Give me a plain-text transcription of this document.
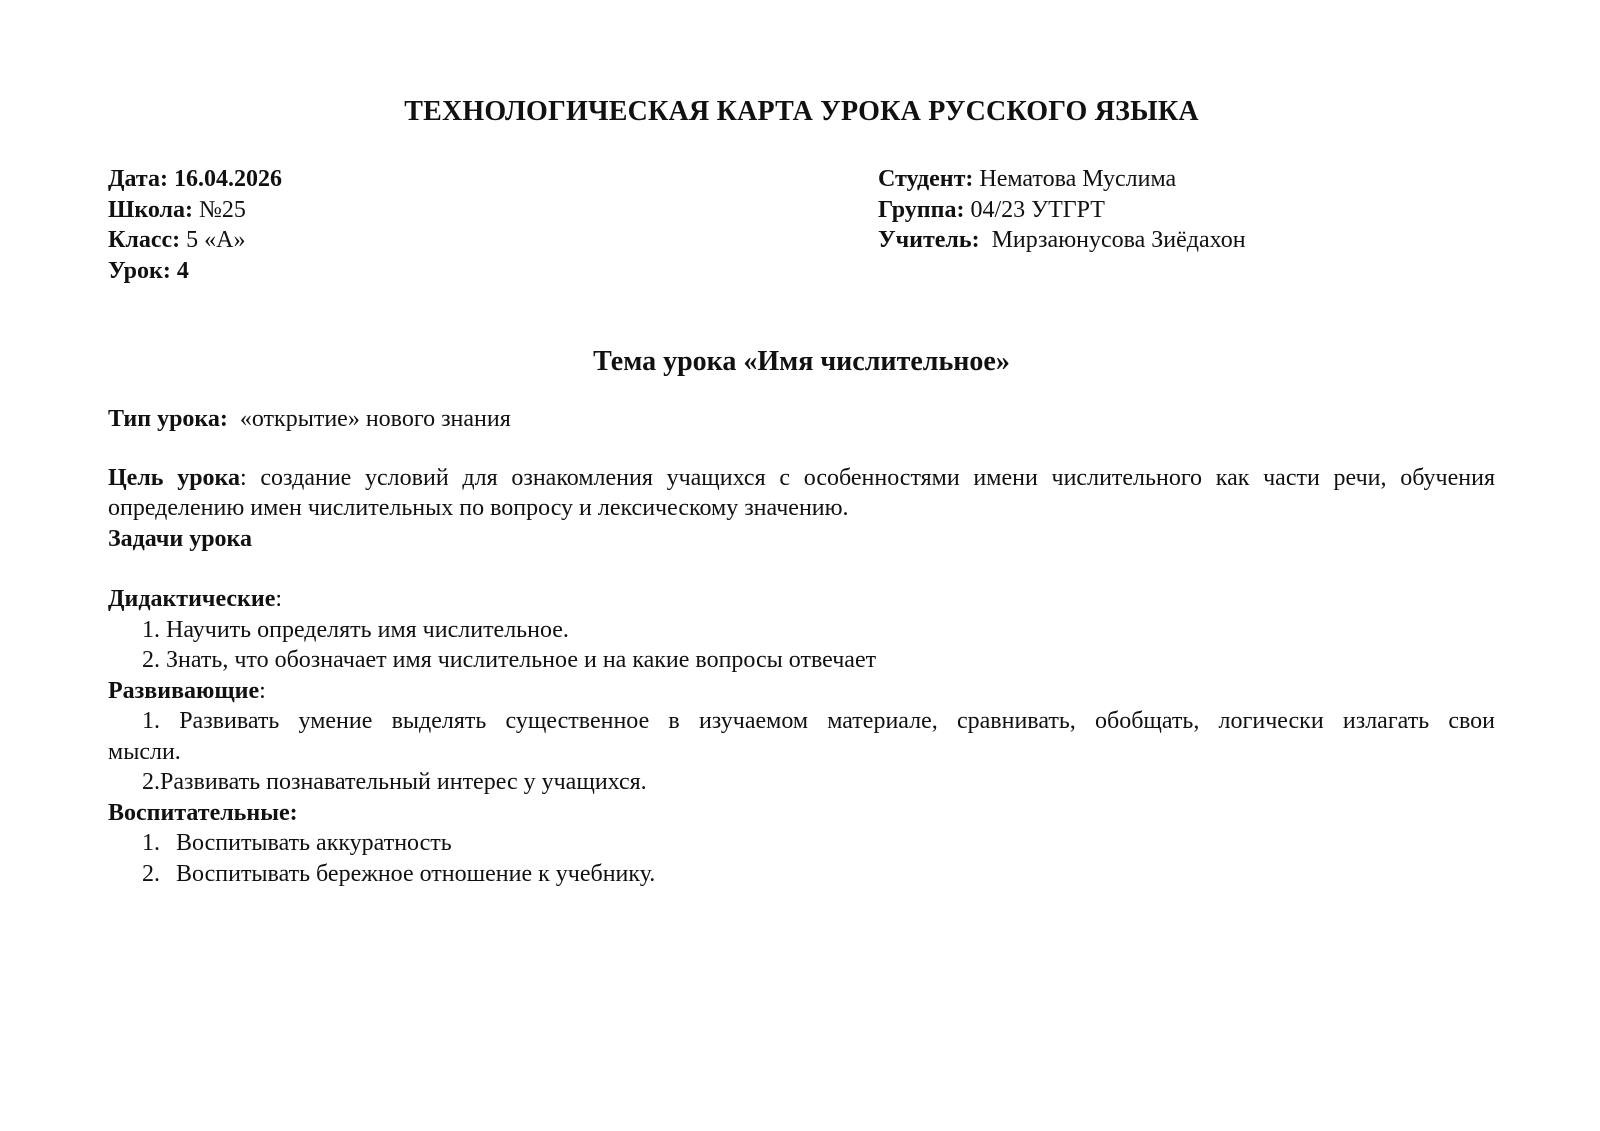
ТЕХНОЛОГИЧЕСКАЯ КАРТА УРОКА РУССКОГО ЯЗЫКА
Дата: 16.04.2026
Школа: №25
Класс: 5 «А»
Урок: 4
Студент: Нематова Муслима
Группа: 04/23 УТГРТ
Учитель:  Мирзаюнусова Зиёдахон
Тема урока «Имя числительное»
Тип урока:  «открытие» нового знания
Цель урока: создание условий для ознакомления учащихся с особенностями имени числительного как части речи, обучения определению имен числительных по вопросу и лексическому значению.
Задачи урока
Дидактические:
1. Научить определять имя числительное.
2. Знать, что обозначает имя числительное и на какие вопросы отвечает
Развивающие:
1. Развивать умение выделять существенное в изучаемом материале, сравнивать, обобщать, логически излагать свои
мысли.
2.Развивать познавательный интерес у учащихся.
Воспитательные:
1. Воспитывать аккуратность
2. Воспитывать бережное отношение к учебнику.
